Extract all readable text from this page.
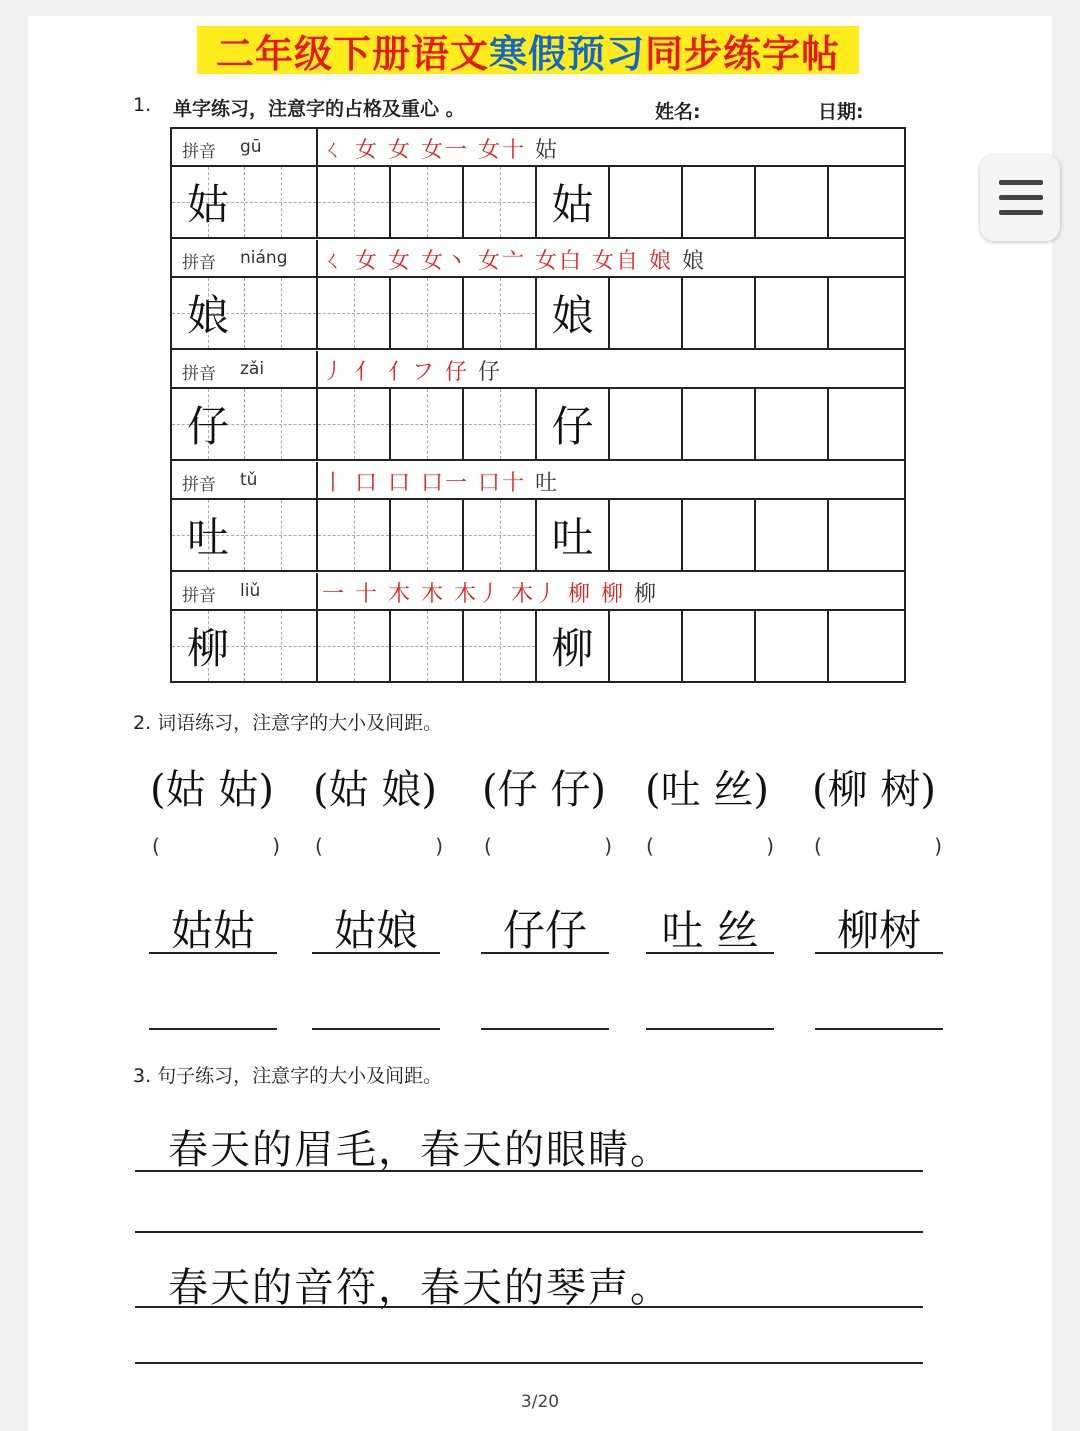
二年级下册语文 寒假预习 同步练字帖
1. 单字练习，注意字的占格及重心 。	姓名:	日期:
拼音 gū	ㄑ 女 女 女一 女十 姑
姑	姑
拼音 niáng ㄑ 女 女 女丶 女亠 女白 女自 娘 娘
娘	娘
拼音 zǎi	丿 亻 亻フ 仔 仔
仔	仔
拼音 tǔ	丨 口 口 口一 口十 吐
吐	吐
拼音 liǔ	一 十 木 木 木丿 木丿 柳 柳 柳
柳	柳
2. 词语练习，注意字的大小及间距。
(姑 姑) (姑 娘) (仔 仔) (吐 丝) (柳 树)
(	) (	) (	) (	) (	)
姑姑	姑娘	仔仔	吐 丝	柳树
3. 句子练习，注意字的大小及间距。
春天的眉毛，春天的眼睛。
春天的音符，春天的琴声。
3/20
